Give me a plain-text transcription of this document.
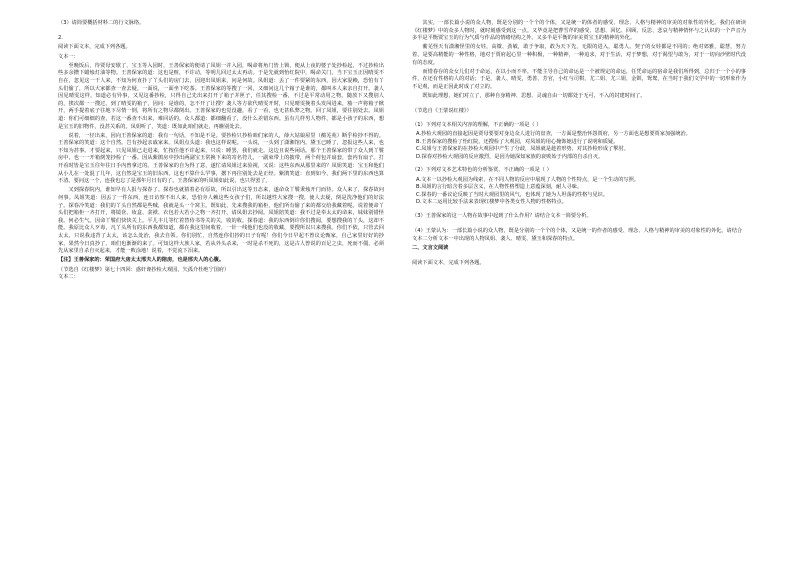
（3）请简要概括材料二的行文脉络。

2.

阅读下面文本，完成下列各题。

文本一：

至晚饭后，待贾母安歇了，宝玉等入园时，王善保家的便请了凤姐一并入园，喝命将角门皆上锁，便从上夜的婆子处抄检起，不过抄检出些多余攒下蜡烛灯油等物。王善保家的道：这也是赃，不许动，等明儿回过太太再动。于是先就到怡红院中，喝命关门。当下宝玉正因晴雯不自在，忽见这一干人来，不知为何直扑了丫头们的房门去，因迎出凤姐来，问是何故。凤姐道：丢了一件要紧的东西，因大家混赖，恐怕有丫头们偷了，所以大家都查一查去疑。一面说，一面坐下吃茶。王善保家的等搜了一回，又细问这几个箱子是谁的，都叫本人来亲自打开。袭人因见晴雯这样，知道必有异事，又见这番抄检，只得自己先出来打开了箱子并匣子，任其搜检一番，不过是平常动用之物。随放下又搜别人的，挨次都一一搜过。到了晴雯的箱子，因问：是谁的，怎不开了让搜？袭人等方欲代晴雯开时，只见晴雯挽着头发闯进来，豁一声将箱子掀开，两手提着底子往地下尽情一倒，将所有之物尽都倒出。王善保家的也觉没趣，看了一看，也无甚私弊之物。回了凤姐，要往别处去。凤姐道：你们可细细的查，若这一番查不出来，难回话的。众人都道：都细翻看了，没什么差错东西。虽有几样男人物件，都是小孩子的东西，想是宝玉的旧物件，没甚关系的。凤姐听了，笑道：既如此咱们就走，再瞧别处去。

说着，一径出来，因向王善保家的道：我有一句话，不知是不是。要抄检只抄检咱们家的人，薛大姑娘屋里（蘅芜苑）断乎检抄不得的。王善保家的笑道：这个自然。岂有抄起亲戚家来。凤姐点头道：我也这样说呢。一头说，一头到了潇湘馆内。黛玉已睡了，忽报这些人来，也不知为甚事。才要起来，只见凤姐已走进来，忙按住他不许起来，只说：睡罢，我们就走。这边且说些闲话。那个王善保家的带了众人到丫鬟房中，也一一开箱倒笼抄检了一番。因从紫鹃房中抄出两副宝玉常换下来的寄名符儿，一副束带上的披带，两个荷包并扇套，套内有扇子。打开看时皆是宝玉往年往日手内曾拿过的。王善保家的自为得了意，遂忙请凤姐过来验视，又说：这些东西从那里来的？凤姐笑道：宝玉和他们从小儿在一处混了几年，这自然是宝玉的旧东西。这也不算什么罕事，撂下再往别处去是正经。紫鹃笑道：直到如今，我们两下里的东西也算不清。要问这一个，连我也忘了是那年月日有的了。王善保家的听凤姐如此说，也只得罢了。

又到探春院内，谁知早有人报与探春了。探春也就猜着必有原故，所以引出这等丑态来，遂命众丫鬟秉烛开门而待。众人来了，探春故问何事。凤姐笑道：因丢了一件东西，连日访察不出人来，恐怕旁人赖这些女孩子们，所以越性大家搜一搜，使人去疑，倒是洗净他们的好法子。探春冷笑道：我们的丫头自然都是些贼，我就是头一个窝主。既如此，先来搜我的箱柜，他们所有偷了来的都交给我藏着呢。说着便命丫头们把箱柜一齐打开，将镜奁、妆盒、衾袱、衣包若大若小之物一齐打开，请凤姐去抄阅。凤姐陪笑道：我不过是奉太太的命来，妹妹别错怪我。何必生气。因命丫鬟们快快关上。平儿丰儿等忙着替侍书等关的关，收的收。探春道：我的东西倒许你们搜阅，要想搜我的丫头，这却不能。我原比众人歹毒，凡丫头所有的东西我都知道，都在我这里间收着，一针一线他们也没的收藏，要搜所以只来搜我。你们不依，只管去回太太，只说我违背了太太，该怎么处治，我去自领。你们别忙，自然连你们抄的日子有呢！你们今日早起不曾议论甄家，自己家里好好的抄家，果然今日真抄了。咱们也渐渐的来了。可知这样大族人家，若从外头杀来，一时是杀不死的，这是古人曾说的百足之虫，死而不僵，必须先从家里自杀自灭起来，才能一败涂地！说着，不觉流下泪来。

【注】王善保家的：荣国府大房太太邢夫人的陪房，也是邢夫人的心腹。

（节选自《红楼梦》第七十四回：惑奸谗抄检大观园，矢孤介杜绝宁国府）

文本二：

其实，一部长篇小说的众人物，既是分别的一个个的个体，又是统一的体者的感受、理念、人格与精神的审美的对象性的外化。我们在研读《红楼梦》中的众多人物时，就时刻感受到这一点。又毕竟是把曹雪芹的感受、思想、回忆、回顾、反思、悲哀与精神情怀与之认识的一个声音为多半是平衡贾宝玉的行为气质与作品的情绪结构之外。又多半是平衡的审美贾宝玉的精神的外化。

蘅芜怪天有潇湘怪里的女娃，高微、劲敏，敢于争取，敢为天下先，无限的进入，聪勇人。契子的女娃都是不同的；绝对郊雅，聪慧，努力着，是要高精能的一种性格，地对于贾府起心里一种积极，一种精神，一种追求，对于生活，对于梦想，对于渴望与敢为，对于一切向沙壁时代没有的态度。

而惜春存的众女儿们对于命运，在以小而不率。不能主导自己的命运是一个被规定的命运，任凭命运的宿命是我们所得到，总归于一个小的事件，在还有性格的人的对话；于是，袭人、晴雯，勇善、芳官，小红与司棋，尤二姐、尤三姐，金钏，鸳鸯，在当时于我们文学中的一切形象作为不足观，而是正因此时成了对立的。

既如此理想，她们对立了，那种自身精神、思想、灵魂自由一切都处于无可，不入的封建时间了。

（节选自《王蒙说红楼》）

（1）下列对文本相关内容的理解，不正确的一项是（ ）

A.抄检大观园的直接起因是贾母要要对身边众人进行的盘查，一方面是整治怀怨贾府，另一方面也是想要贾家加强统治。

B.王善保家的搜检了怡红院，还搜检了大观园，对凤姐的用心掩饰她进行了说明和质疑。

C.凤姐与王善保家的在抄检大观园中产生了分歧，凤姐就是趁着形势，对其抄检形成了掣肘。

D.探春对抄检大观园的反应激烈，是因为她深知家族的衰败始于内部的自杀自灭。

（2）下列对文本艺术特色的分析鉴赏，不正确的一项是（ ）

A.文本一以抄检大观园为线索，在不同人物的反应中展现了人物的个性特点，是一个生动的写照。

B.凤姐的言行暗含着多层含义，在人物性格塑造上意蕴深刻，耐人寻味。

C.探春的一番议论反映了当时大观园里的风气，也体现了她为人坦荡的性格与见识。

D.文本二运用比较手法来表现红楼梦中各类女性人物的性格特点。

（3）王善保家的这一人物在故事中起到了什么作用？请结合文本一简要分析。

（4）王蒙认为：一部长篇小说的众人物，既是分别的一个个的个体，又是统一的作者的感受、理念、人格与精神的审美的对象性的外化。请结合文本二分析文本一中出现的人物凤姐、袭人、晴雯、黛玉和探春的特点。

二、文言文阅读

阅读下面文本，完成下列各题。
